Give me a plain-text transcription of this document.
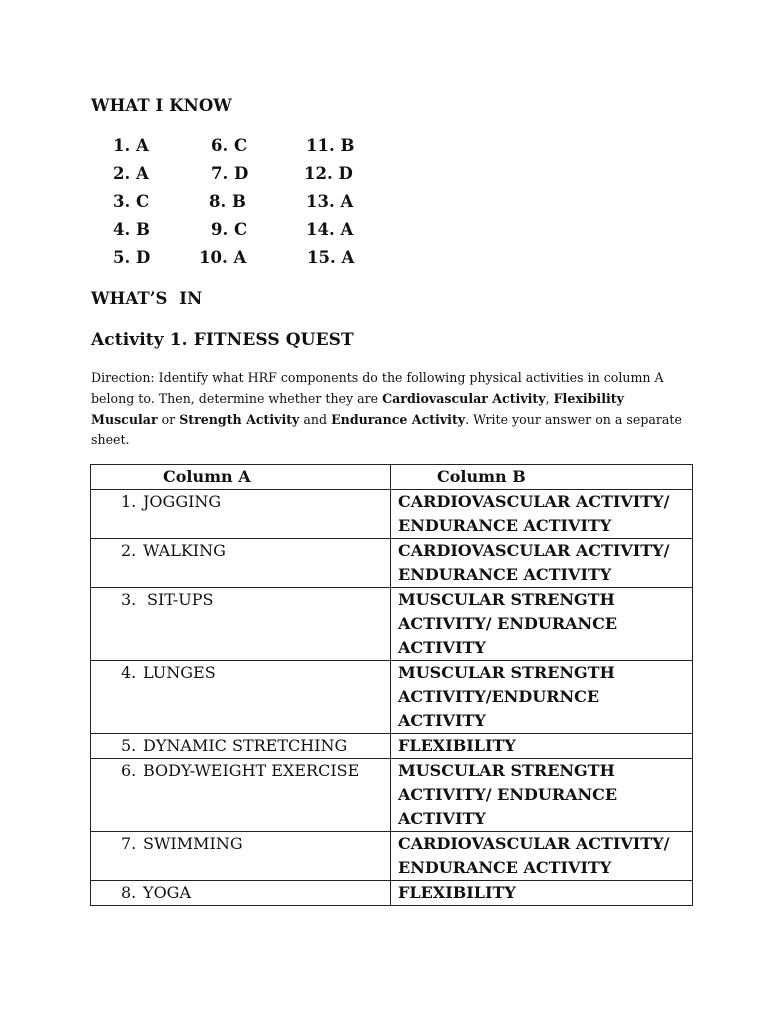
WHAT I KNOW
1. A	6. C	11. B
2. A	7. D	12. D
3. C	8. B	13. A
4. B	9. C	14. A
5. D	10. A	15. A
WHAT’S  IN
Activity 1. FITNESS QUEST
Direction: Identify what HRF components do the following physical activities in column A belong to. Then, determine whether they are Cardiovascular Activity, Flexibility Muscular or Strength Activity and Endurance Activity. Write your answer on a separate sheet.
Column A	Column B
1. JOGGING	CARDIOVASCULAR ACTIVITY/ ENDURANCE ACTIVITY
2. WALKING	CARDIOVASCULAR ACTIVITY/ ENDURANCE ACTIVITY
3. SIT-UPS	MUSCULAR STRENGTH ACTIVITY/ ENDURANCE ACTIVITY
4. LUNGES	MUSCULAR STRENGTH ACTIVITY/ENDURNCE ACTIVITY
5. DYNAMIC STRETCHING	FLEXIBILITY
6. BODY-WEIGHT EXERCISE	MUSCULAR STRENGTH ACTIVITY/ ENDURANCE ACTIVITY
7. SWIMMING	CARDIOVASCULAR ACTIVITY/ ENDURANCE ACTIVITY
8. YOGA	FLEXIBILITY
